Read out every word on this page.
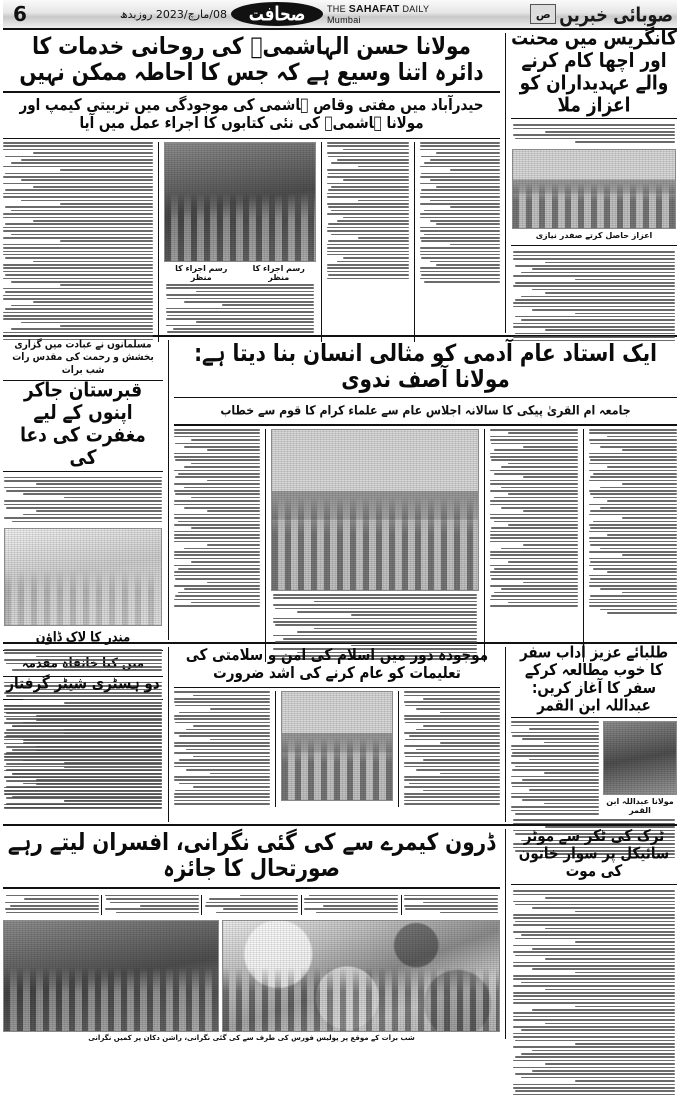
صوبائی خبریں
ص
THE SAHAFAT DAILY Mumbai
صحافت
08/مارچ/2023 روزبدھ
6
کانگریس میں محنت اور اچھا کام کرنے والے عہدیداران کو اعزاز ملا
اعزاز حاصل کرتے صفدر نیازی
مولانا حسن الہاشمیؒ کی روحانی خدمات کا دائرہ اتنا وسیع ہے کہ جس کا احاطہ ممکن نہیں
حیدرآباد میں مفتی وقاص ہاشمی کی موجودگی میں تربیتی کیمپ اور مولانا ہاشمیؒ کی نئی کتابوں کا اجراء عمل میں آیا
رسم اجراء کا منظر
رسم اجراء کا منظر
ایک استاد عام آدمی کو مثالی انسان بنا دیتا ہے: مولانا آصف ندوی
جامعہ ام القریٰ پیکی کا سالانہ اجلاس عام سے علماء کرام کا قوم سے خطاب
مسلمانوں نے عبادت میں گزاری بخشش و رحمت کی مقدس رات شب برات
قبرستان جاکر اپنوں کے لیے مغفرت کی دعا کی
مندر کا لاک ڈاؤن
طلبائے عزیز آداب سفر کا خوب مطالعہ کرکے سفر کا آغاز کریں: عبداللہ ابن القمر
مولانا عبداللہ ابن القمر
موجودہ دور میں اسلام کی امن و سلامتی کی تعلیمات کو عام کرنے کی اشد ضرورت
دو ہسٹری شیٹر گرفتار
ٹرک کی ٹکر سے موٹر سائیکل پر سوار خاتون کی موت
ڈرون کیمرے سے کی گئی نگرانی، افسران لیتے رہے صورتحال کا جائزہ
شب برات کے موقع پر پولیس فورس کی طرف سے کی گئی نگرانی، راشن دکان پر کمیں نگرانی
